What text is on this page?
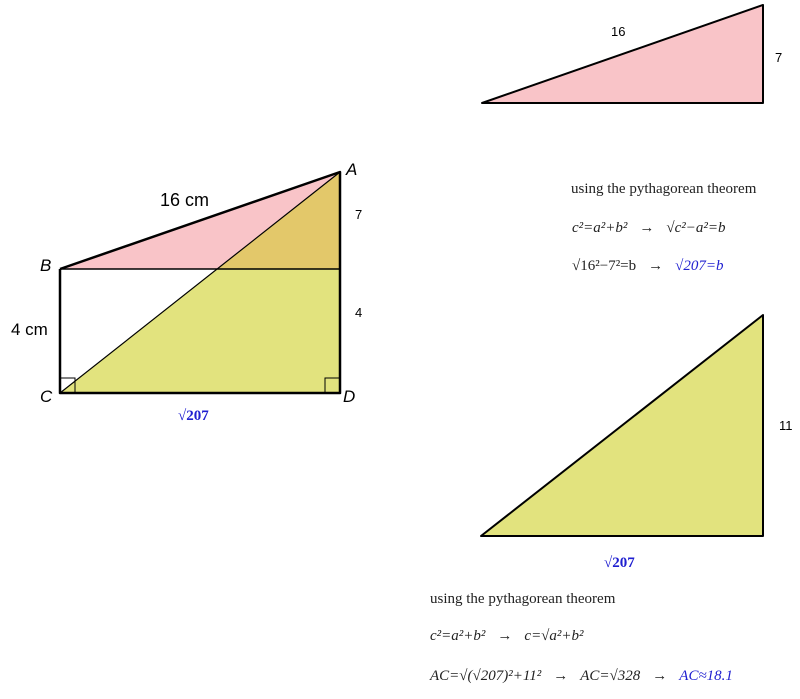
A
B
C	D
16 cm
4 cm
7
4
√207
16
7
using the pythagorean theorem
c²=a²+b² → √c²−a²=b
√16²−7²=b → √207=b
11
√207
using the pythagorean theorem
c²=a²+b² → c=√a²+b²
AC=√(√207)²+11² → AC=√328 → AC≈18.1
